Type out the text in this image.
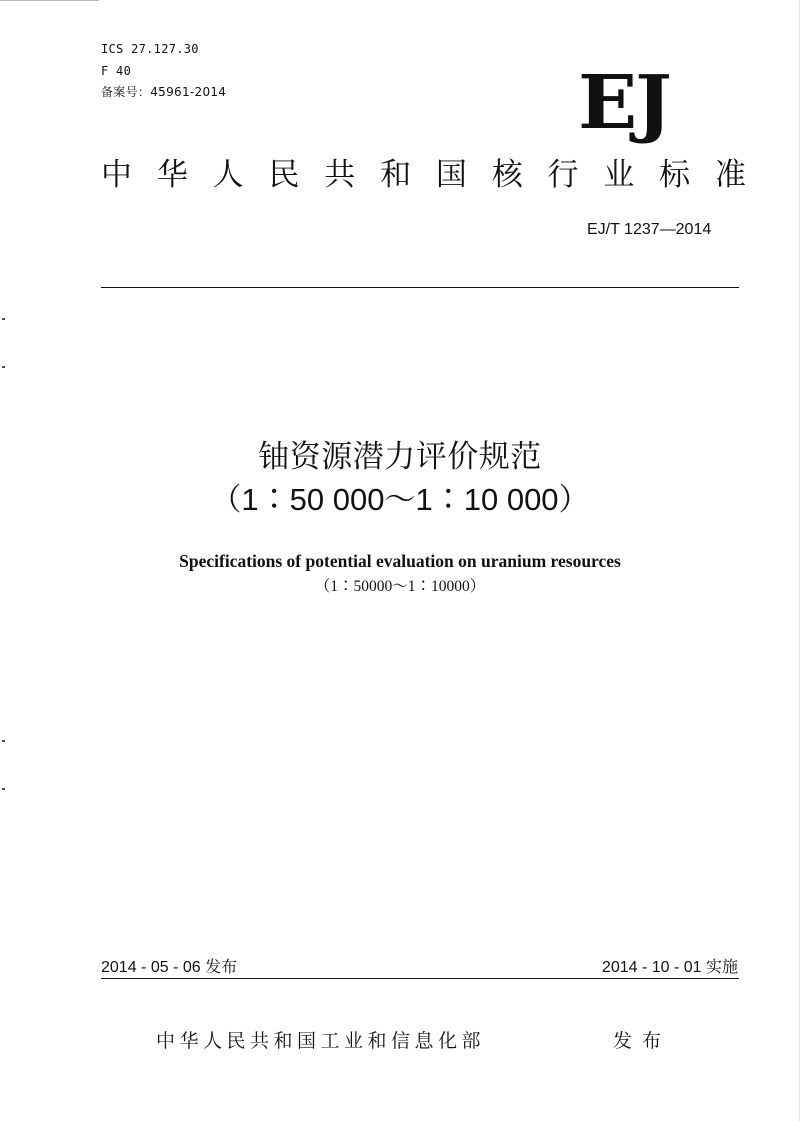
ICS 27.127.30
F 40
备案号：45961-2014	EJ
中 华 人 民 共 和 国 核 行 业 标 准
EJ/T 1237—2014
铀资源潜力评价规范
（1∶50 000～1∶10 000）
Specifications of potential evaluation on uranium resources
（1∶50000～1∶10000）
2014 - 05 - 06 发布	2014 - 10 - 01 实施
中华人民共和国工业和信息化部	发布
